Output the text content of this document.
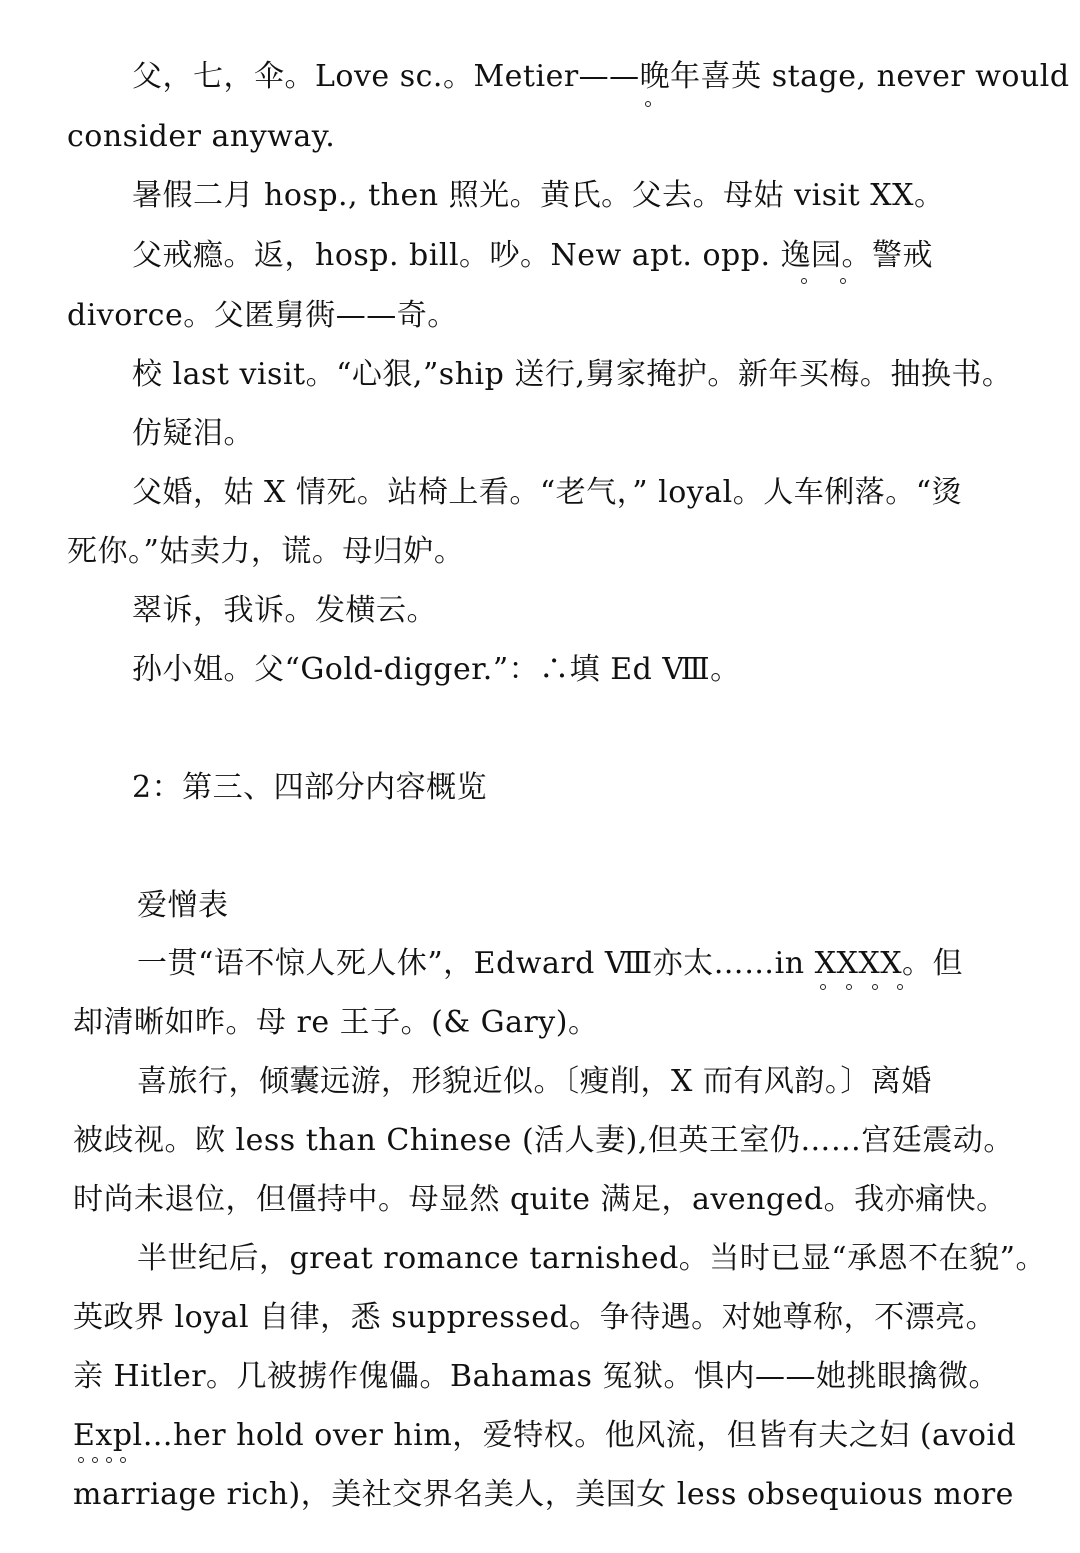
父，七，伞。Love sc.。Metier——晚年喜英 stage, never would
consider anyway.
暑假二月 hosp., then 照光。黄氏。父去。母姑 visit XX。
父戒瘾。返，hosp. bill。吵。New apt. opp. 逸园。警戒
divorce。父匿舅衖——奇。
校 last visit。“心狠,”ship 送行,舅家掩护。新年买梅。抽换书。
仿疑泪。
父婚，姑 X 情死。站椅上看。“老气，” loyal。人车俐落。“烫
死你。”姑卖力，谎。母归妒。
翠诉，我诉。发横云。
孙小姐。父“Gold-digger.”：∴填 Ed Ⅷ。
2：第三、四部分内容概览
爱憎表
一贯“语不惊人死人休”，Edward Ⅷ亦太……in XXXX。但
却清晰如昨。母 re 王子。(& Gary)。
喜旅行，倾囊远游，形貌近似。〔瘦削，X 而有风韵。〕离婚
被歧视。欧 less than Chinese (活人妻),但英王室仍……宫廷震动。
时尚未退位，但僵持中。母显然 quite 满足，avenged。我亦痛快。
半世纪后，great romance tarnished。当时已显“承恩不在貌”。
英政界 loyal 自律，悉 suppressed。争待遇。对她尊称，不漂亮。
亲 Hitler。几被掳作傀儡。Bahamas 冤狱。惧内——她挑眼擒微。
Expl…her hold over him，爱特权。他风流，但皆有夫之妇 (avoid
marriage rich)，美社交界名美人，美国女 less obsequious more
